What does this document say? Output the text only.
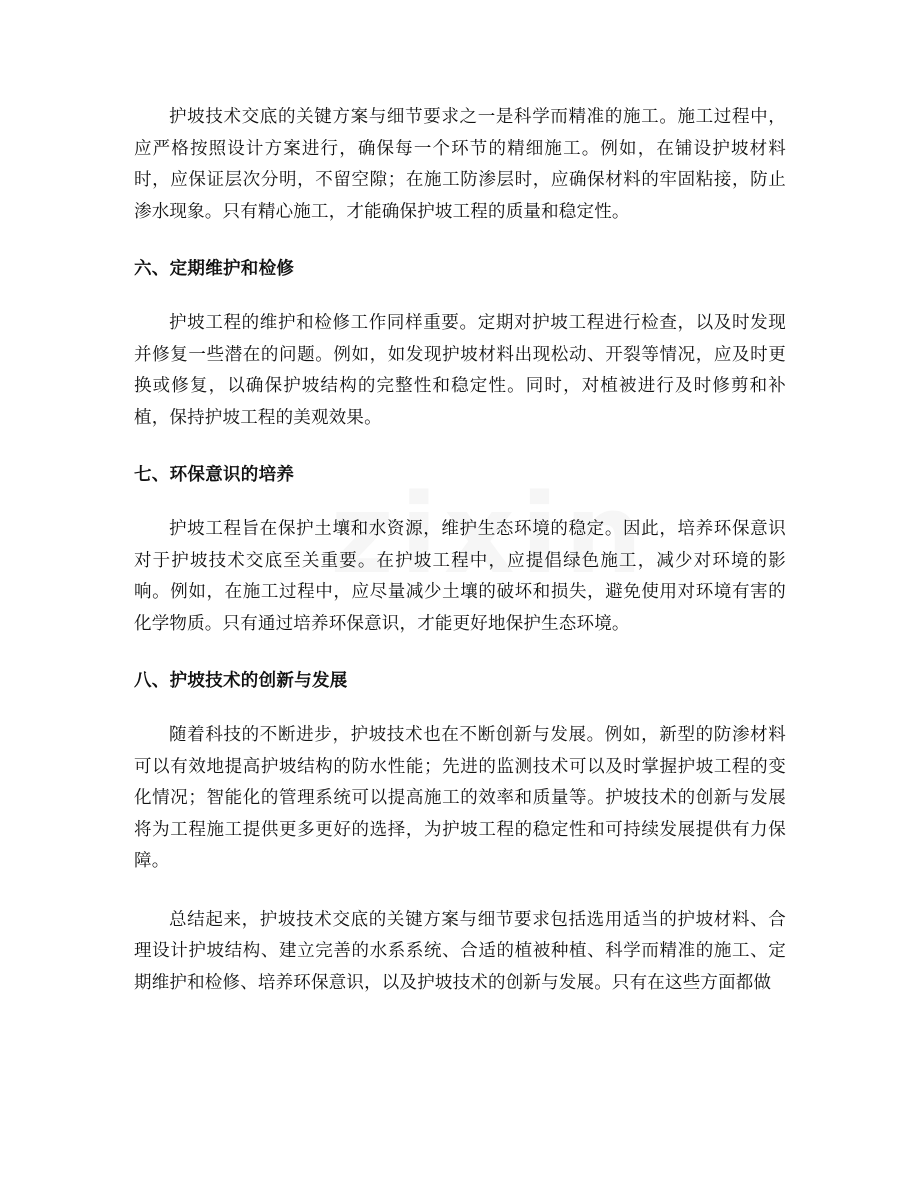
护坡技术交底的关键方案与细节要求之一是科学而精准的施工。施工过程中，应严格按照设计方案进行，确保每一个环节的精细施工。例如，在铺设护坡材料时，应保证层次分明，不留空隙；在施工防渗层时，应确保材料的牢固粘接，防止渗水现象。只有精心施工，才能确保护坡工程的质量和稳定性。

六、定期维护和检修

护坡工程的维护和检修工作同样重要。定期对护坡工程进行检查，以及时发现并修复一些潜在的问题。例如，如发现护坡材料出现松动、开裂等情况，应及时更换或修复，以确保护坡结构的完整性和稳定性。同时，对植被进行及时修剪和补植，保持护坡工程的美观效果。

七、环保意识的培养

护坡工程旨在保护土壤和水资源，维护生态环境的稳定。因此，培养环保意识对于护坡技术交底至关重要。在护坡工程中，应提倡绿色施工，减少对环境的影响。例如，在施工过程中，应尽量减少土壤的破坏和损失，避免使用对环境有害的化学物质。只有通过培养环保意识，才能更好地保护生态环境。

八、护坡技术的创新与发展

随着科技的不断进步，护坡技术也在不断创新与发展。例如，新型的防渗材料可以有效地提高护坡结构的防水性能；先进的监测技术可以及时掌握护坡工程的变化情况；智能化的管理系统可以提高施工的效率和质量等。护坡技术的创新与发展将为工程施工提供更多更好的选择，为护坡工程的稳定性和可持续发展提供有力保障。

总结起来，护坡技术交底的关键方案与细节要求包括选用适当的护坡材料、合理设计护坡结构、建立完善的水系系统、合适的植被种植、科学而精准的施工、定期维护和检修、培养环保意识，以及护坡技术的创新与发展。只有在这些方面都做
